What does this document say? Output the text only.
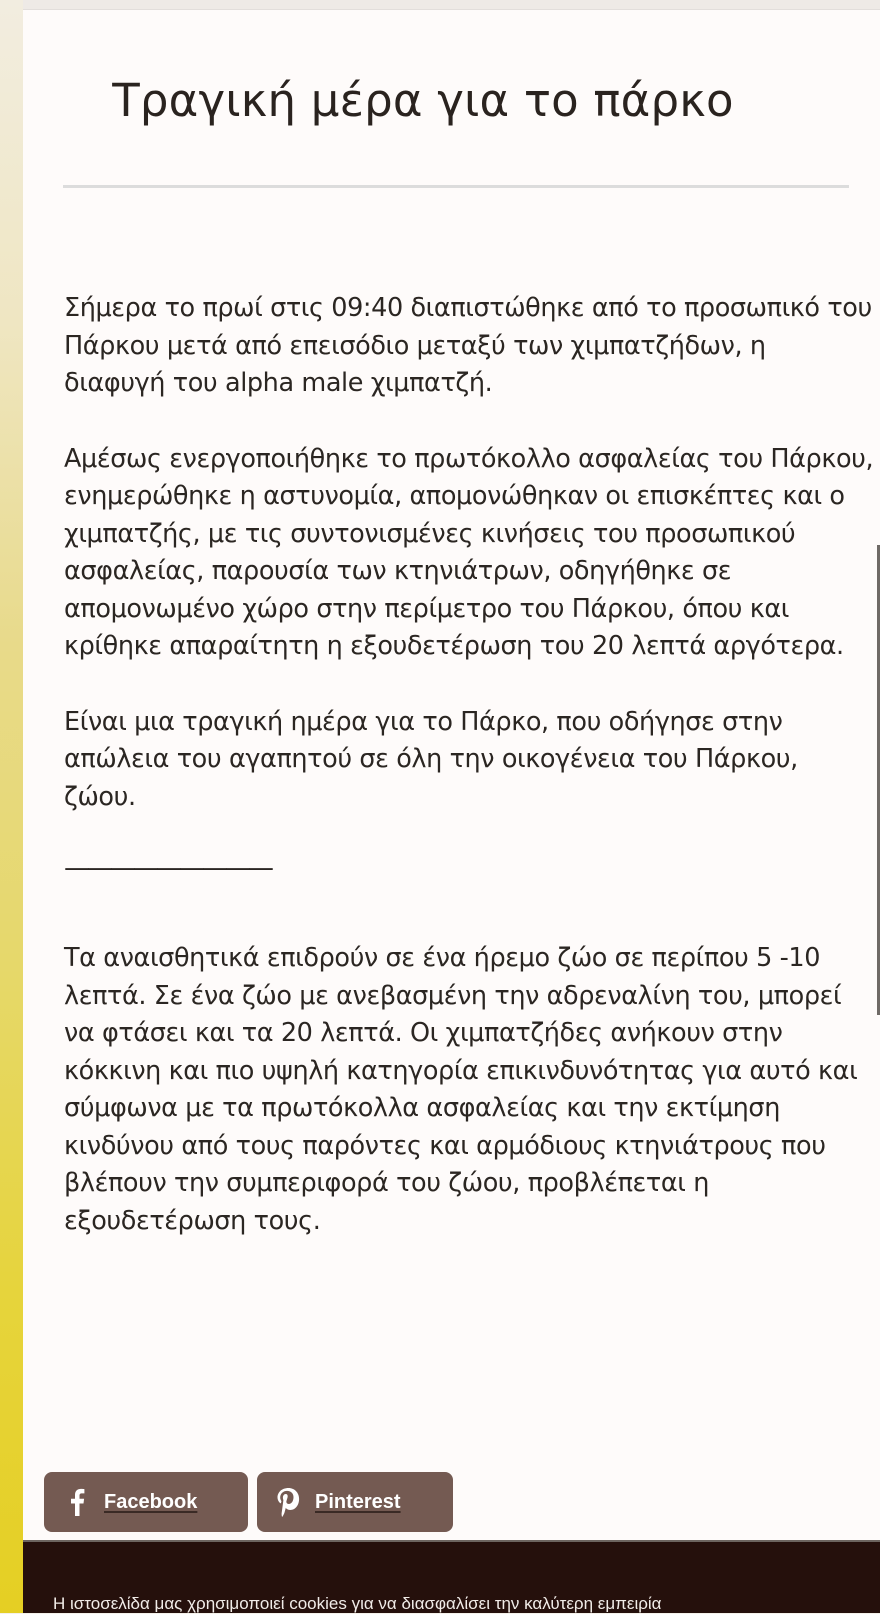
Τραγική μέρα για το πάρκο

Σήμερα το πρωί στις 09:40 διαπιστώθηκε από το προσωπικό του Πάρκου μετά από επεισόδιο μεταξύ των χιμπατζήδων, η διαφυγή του alpha male χιμπατζή.

Αμέσως ενεργοποιήθηκε το πρωτόκολλο ασφαλείας του Πάρκου, ενημερώθηκε η αστυνομία, απομονώθηκαν οι επισκέπτες και ο χιμπατζής, με τις συντονισμένες κινήσεις του προσωπικού ασφαλείας, παρουσία των κτηνιάτρων, οδηγήθηκε σε απομονωμένο χώρο στην περίμετρο του Πάρκου, όπου και κρίθηκε απαραίτητη η εξουδετέρωση του 20 λεπτά αργότερα.

Είναι μια τραγική ημέρα για το Πάρκο, που οδήγησε στην απώλεια του αγαπητού σε όλη την οικογένεια του Πάρκου, ζώου.

—————————

Τα αναισθητικά επιδρούν σε ένα ήρεμο ζώο σε περίπου 5 -10 λεπτά. Σε ένα ζώο με ανεβασμένη την αδρεναλίνη του, μπορεί να φτάσει και τα 20 λεπτά. Οι χιμπατζήδες ανήκουν στην κόκκινη και πιο υψηλή κατηγορία επικινδυνότητας για αυτό και σύμφωνα με τα πρωτόκολλα ασφαλείας και την εκτίμηση κινδύνου από τους παρόντες και αρμόδιους κτηνιάτρους που βλέπουν την συμπεριφορά του ζώου, προβλέπεται η εξουδετέρωση τους.

Facebook	Pinterest
Η ιστοσελίδα μας χρησιμοποιεί cookies για να διασφαλίσει την καλύτερη εμπειρία
